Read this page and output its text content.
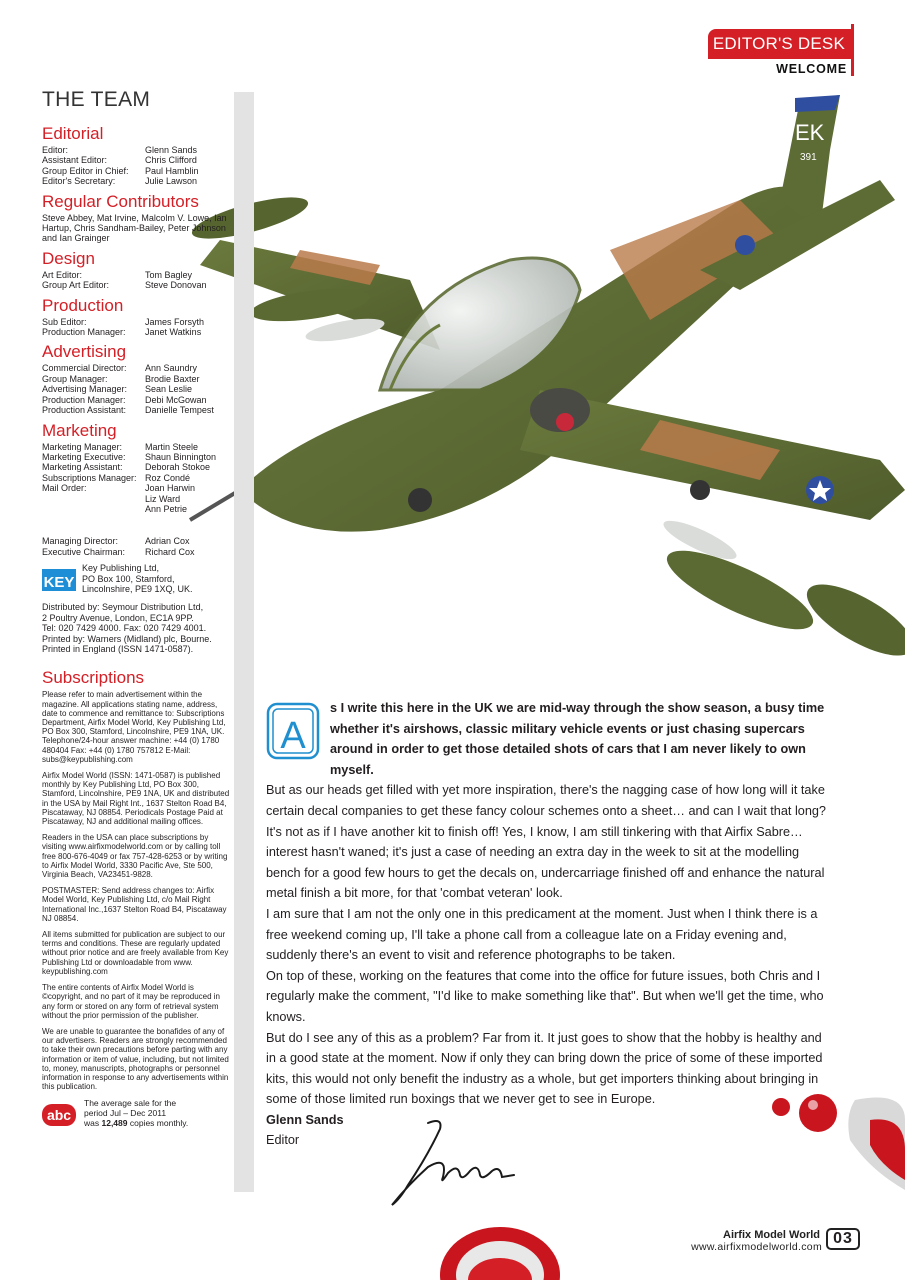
EDITOR'S DESK
WELCOME
EK
391
THE TEAM
Editorial
Editor:	Glenn Sands
Assistant Editor:	Chris Clifford
Group Editor in Chief:	Paul Hamblin
Editor's Secretary:	Julie Lawson
Regular Contributors
Steve Abbey, Mat Irvine, Malcolm V. Lowe, Ian Hartup, Chris Sandham-Bailey, Peter Johnson and Ian Grainger
Design
Art Editor:	Tom Bagley
Group Art Editor:	Steve Donovan
Production
Sub Editor:	James Forsyth
Production Manager:	Janet Watkins
Advertising
Commercial Director:	Ann Saundry
Group Manager:	Brodie Baxter
Advertising Manager:	Sean Leslie
Production Manager:	Debi McGowan
Production Assistant:	Danielle Tempest
Marketing
Marketing Manager:	Martin Steele
Marketing Executive:	Shaun Binnington
Marketing Assistant:	Deborah Stokoe
Subscriptions Manager: Roz Condé
Mail Order:	Joan Harwin
Liz Ward
Ann Petrie
Managing Director:	Adrian Cox
Executive Chairman:	Richard Cox
KEY
Key Publishing Ltd,
PO Box 100, Stamford,
Lincolnshire, PE9 1XQ, UK.
Distributed by: Seymour Distribution Ltd,
2 Poultry Avenue, London, EC1A 9PP.
Tel: 020 7429 4000. Fax: 020 7429 4001.
Printed by: Warners (Midland) plc, Bourne.
Printed in England (ISSN 1471-0587).
Subscriptions
Please refer to main advertisement within the magazine. All applications stating name, address, date to commence and remittance to: Subscriptions Department, Airfix Model World, Key Publishing Ltd, PO Box 300, Stamford, Lincolnshire, PE9 1NA, UK. Telephone/24-hour answer machine: +44 (0) 1780 480404 Fax: +44 (0) 1780 757812 E-Mail: subs@keypublishing.com
Airfix Model World (ISSN: 1471-0587) is published monthly by Key Publishing Ltd, PO Box 300, Stamford, Lincolnshire, PE9 1NA, UK and distributed in the USA by Mail Right Int., 1637 Stelton Road B4, Piscataway, NJ 08854. Periodicals Postage Paid at Piscataway, NJ and additional mailing offices.
Readers in the USA can place subscriptions by visiting www.airfixmodelworld.com or by calling toll free 800-676-4049 or fax 757-428-6253 or by writing to Airfix Model World, 3330 Pacific Ave, Ste 500, Virginia Beach, VA23451-9828.
POSTMASTER: Send address changes to: Airfix Model World, Key Publishing Ltd, c/o Mail Right International Inc.,1637 Stelton Road B4, Piscataway NJ 08854.
All items submitted for publication are subject to our terms and conditions. These are regularly updated without prior notice and are freely available from Key Publishing Ltd or downloadable from www. keypublishing.com
The entire contents of Airfix Model World is ©copyright, and no part of it may be reproduced in any form or stored on any form of retrieval system without the prior permission of the publisher.
We are unable to guarantee the bonafides of any of our advertisers. Readers are strongly recommended to take their own precautions before parting with any information or item of value, including, but not limited to, money, manuscripts, photographs or personnel information in response to any advertisements within this publication.
abc
The average sale for the
period Jul – Dec 2011
was 12,489 copies monthly.
A

s I write this here in the UK we are mid-way through the show season, a busy time whether it's airshows, classic military vehicle events or just chasing supercars around in order to get those detailed shots of cars that I am never likely to own myself.

But as our heads get filled with yet more inspiration, there's the nagging case of how long will it take certain decal companies to get these fancy colour schemes onto a sheet… and can I wait that long? It's not as if I have another kit to finish off! Yes, I know, I am still tinkering with that Airfix Sabre… interest hasn't waned; it's just a case of needing an extra day in the week to sit at the modelling bench for a good few hours to get the decals on, undercarriage finished off and enhance the natural metal finish a bit more, for that 'combat veteran' look.

I am sure that I am not the only one in this predicament at the moment. Just when I think there is a free weekend coming up, I'll take a phone call from a colleague late on a Friday evening and, suddenly there's an event to visit and reference photographs to be taken.

On top of these, working on the features that come into the office for future issues, both Chris and I regularly make the comment, "I'd like to make something like that". But when we'll get the time, who knows.

But do I see any of this as a problem? Far from it. It just goes to show that the hobby is healthy and in a good state at the moment. Now if only they can bring down the price of some of these imported kits, this would not only benefit the industry as a whole, but get importers thinking about bringing in some of those limited run boxings that we never get to see in Europe.

Glenn Sands

Editor

Airfix Model World
www.airfixmodelworld.com 03
